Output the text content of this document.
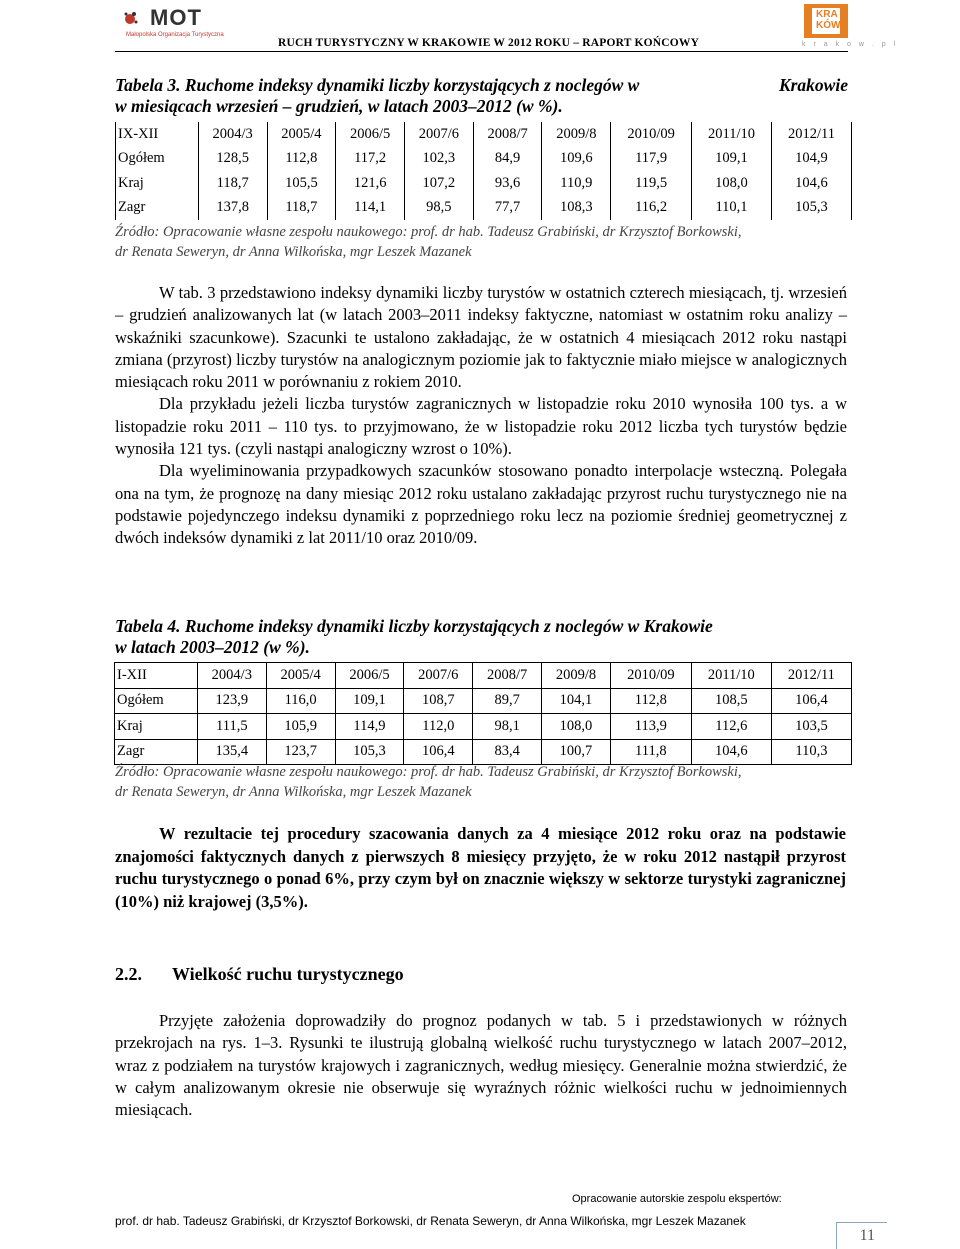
MOT
Małopolska Organizacja Turystyczna
RUCH TURYSTYCZNY W KRAKOWIE W 2012 ROKU – RAPORT KOŃCOWY
KRA
KÓW
k r a k o w . p l
Tabela 3. Ruchome indeksy dynamiki liczby korzystających z noclegów w	Krakowie
w miesiącach wrzesień – grudzień, w latach 2003–2012 (w %).
IX-XII	2004/3	2005/4	2006/5	2007/6	2008/7	2009/8	2010/09	2011/10	2012/11
Ogółem	128,5	112,8	117,2	102,3	84,9	109,6	117,9	109,1	104,9
Kraj	118,7	105,5	121,6	107,2	93,6	110,9	119,5	108,0	104,6
Zagr	137,8	118,7	114,1	98,5	77,7	108,3	116,2	110,1	105,3
Źródło: Opracowanie własne zespołu naukowego: prof. dr hab. Tadeusz Grabiński, dr Krzysztof Borkowski,
dr Renata Seweryn, dr Anna Wilkońska, mgr Leszek Mazanek

W tab. 3 przedstawiono indeksy dynamiki liczby turystów w ostatnich czterech miesiącach, tj. wrzesień – grudzień analizowanych lat (w latach 2003–2011 indeksy faktyczne, natomiast w ostatnim roku analizy – wskaźniki szacunkowe). Szacunki te ustalono zakładając, że w ostatnich 4 miesiącach 2012 roku nastąpi zmiana (przyrost) liczby turystów na analogicznym poziomie jak to faktycznie miało miejsce w analogicznych miesiącach roku 2011 w porównaniu z rokiem 2010.

Dla przykładu jeżeli liczba turystów zagranicznych w listopadzie roku 2010 wynosiła 100 tys. a w listopadzie roku 2011 – 110 tys. to przyjmowano, że w listopadzie roku 2012 liczba tych turystów będzie wynosiła 121 tys. (czyli nastąpi analogiczny wzrost o 10%).

Dla wyeliminowania przypadkowych szacunków stosowano ponadto interpolacje wsteczną. Polegała ona na tym, że prognozę na dany miesiąc 2012 roku ustalano zakładając przyrost ruchu turystycznego nie na podstawie pojedynczego indeksu dynamiki z poprzedniego roku lecz na poziomie średniej geometrycznej z dwóch indeksów dynamiki z lat 2011/10 oraz 2010/09.

Tabela 4. Ruchome indeksy dynamiki liczby korzystających z noclegów w Krakowie
w latach 2003–2012 (w %).
I-XII	2004/3	2005/4	2006/5	2007/6	2008/7	2009/8	2010/09	2011/10	2012/11
Ogółem	123,9	116,0	109,1	108,7	89,7	104,1	112,8	108,5	106,4
Kraj	111,5	105,9	114,9	112,0	98,1	108,0	113,9	112,6	103,5
Zagr	135,4	123,7	105,3	106,4	83,4	100,7	111,8	104,6	110,3
Źródło: Opracowanie własne zespołu naukowego: prof. dr hab. Tadeusz Grabiński, dr Krzysztof Borkowski,
dr Renata Seweryn, dr Anna Wilkońska, mgr Leszek Mazanek

W rezultacie tej procedury szacowania danych za 4 miesiące 2012 roku oraz na podstawie znajomości faktycznych danych z pierwszych 8 miesięcy przyjęto, że w roku 2012 nastąpił przyrost ruchu turystycznego o ponad 6%, przy czym był on znacznie większy w sektorze turystyki zagranicznej (10%) niż krajowej (3,5%).

2.2. Wielkość ruchu turystycznego

Przyjęte założenia doprowadziły do prognoz podanych w tab. 5 i przedstawionych w różnych przekrojach na rys. 1–3. Rysunki te ilustrują globalną wielkość ruchu turystycznego w latach 2007–2012, wraz z podziałem na turystów krajowych i zagranicznych, według miesięcy. Generalnie można stwierdzić, że w całym analizowanym okresie nie obserwuje się wyraźnych różnic wielkości ruchu w jednoimiennych miesiącach.

Opracowanie autorskie zespolu ekspertów:
prof. dr hab. Tadeusz Grabiński, dr Krzysztof Borkowski, dr Renata Seweryn, dr Anna Wilkońska, mgr Leszek Mazanek
11
